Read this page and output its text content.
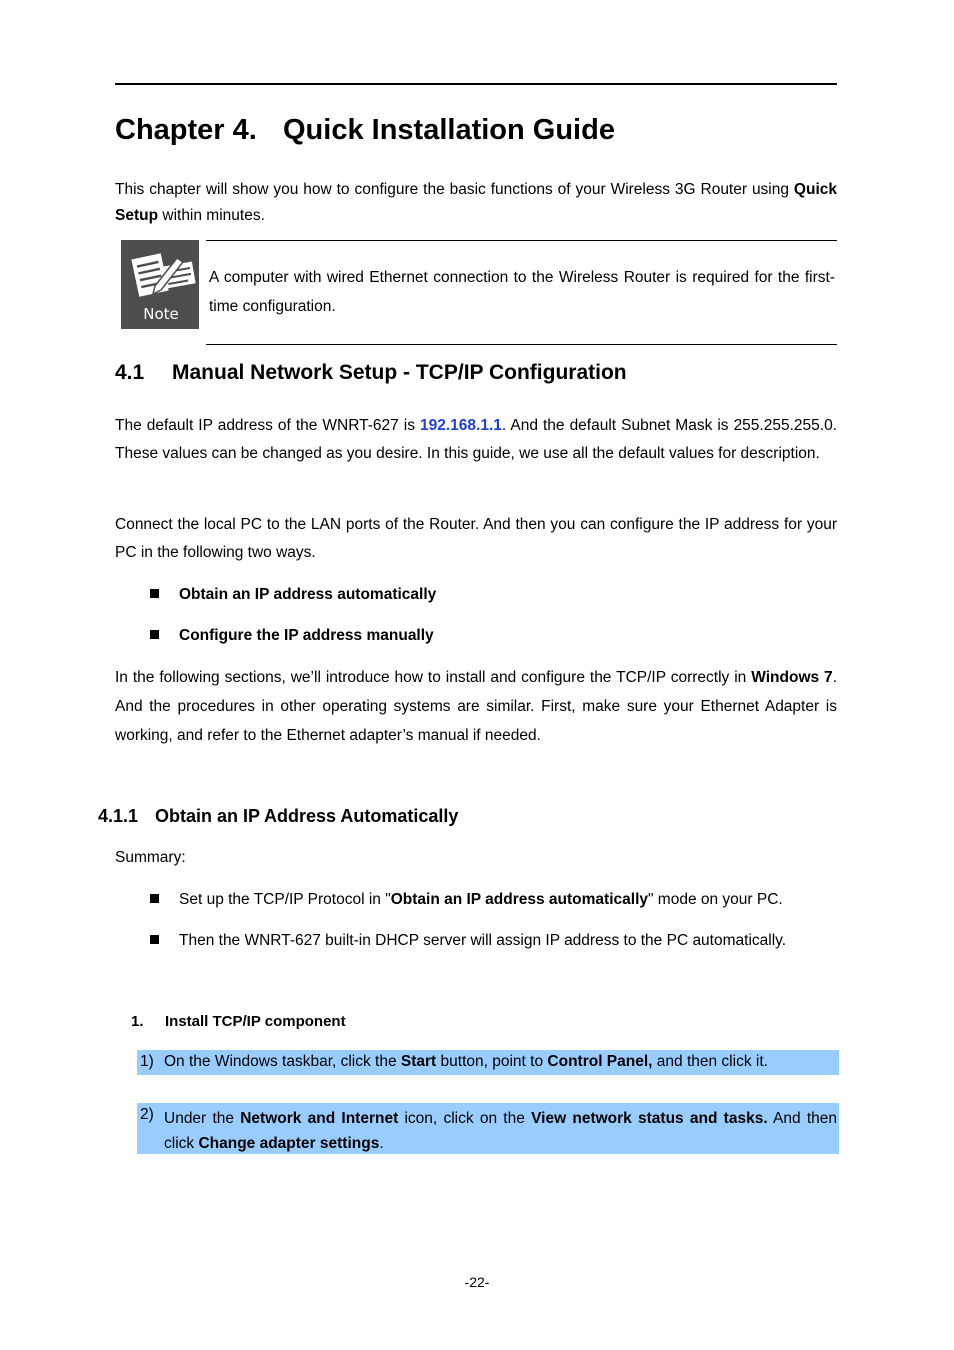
Chapter 4. Quick Installation Guide
This chapter will show you how to configure the basic functions of your Wireless 3G Router using Quick Setup within minutes.
Note
A computer with wired Ethernet connection to the Wireless Router is required for the first-time configuration.
4.1 Manual Network Setup - TCP/IP Configuration
The default IP address of the WNRT-627 is 192.168.1.1. And the default Subnet Mask is 255.255.255.0. These values can be changed as you desire. In this guide, we use all the default values for description.
Connect the local PC to the LAN ports of the Router. And then you can configure the IP address for your PC in the following two ways.
Obtain an IP address automatically
Configure the IP address manually
In the following sections, we’ll introduce how to install and configure the TCP/IP correctly in Windows 7. And the procedures in other operating systems are similar. First, make sure your Ethernet Adapter is working, and refer to the Ethernet adapter’s manual if needed.
4.1.1 Obtain an IP Address Automatically
Summary:
Set up the TCP/IP Protocol in "Obtain an IP address automatically" mode on your PC.
Then the WNRT-627 built-in DHCP server will assign IP address to the PC automatically.
1. Install TCP/IP component
1) On the Windows taskbar, click the Start button, point to Control Panel, and then click it.
2) Under the Network and Internet icon, click on the View network status and tasks. And then click Change adapter settings.
-22-
